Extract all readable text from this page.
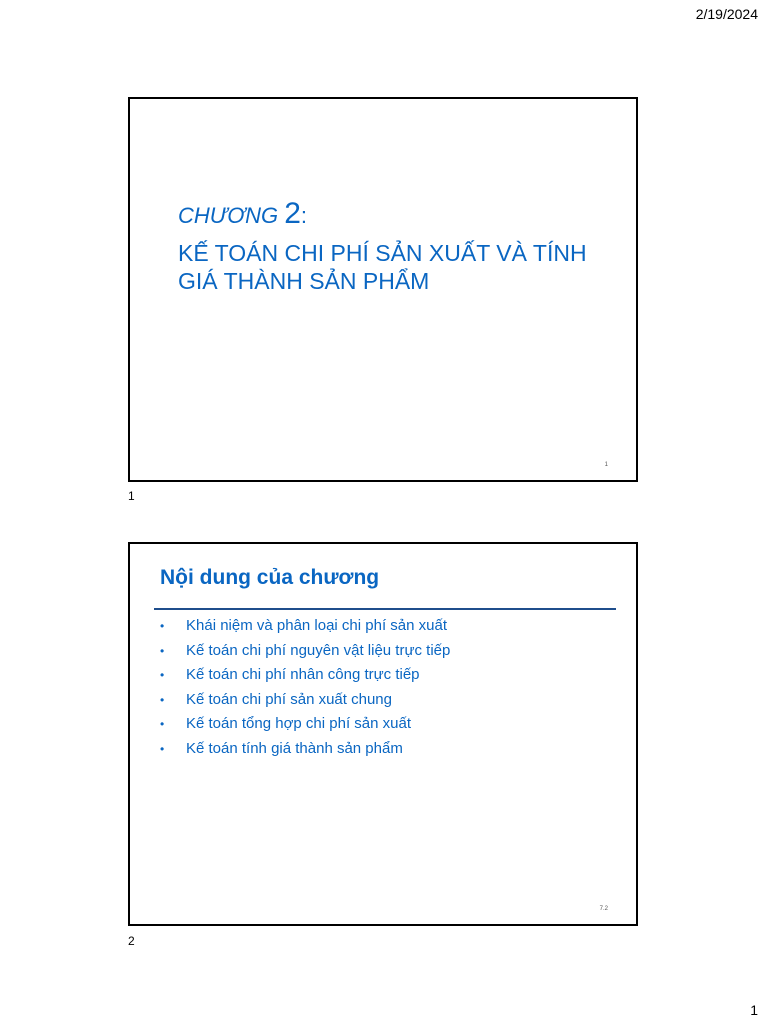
2/19/2024
CHƯƠNG 2:
KẾ TOÁN CHI PHÍ SẢN XUẤT VÀ TÍNH GIÁ THÀNH SẢN PHẨM
1
1
Nội dung của chương
• Khái niệm và phân loại chi phí sản xuất
• Kế toán chi phí nguyên vật liệu trực tiếp
• Kế toán chi phí nhân công trực tiếp
• Kế toán chi phí sản xuất chung
• Kế toán tổng hợp chi phí sản xuất
• Kế toán tính giá thành sản phẩm
7.2
2
1
